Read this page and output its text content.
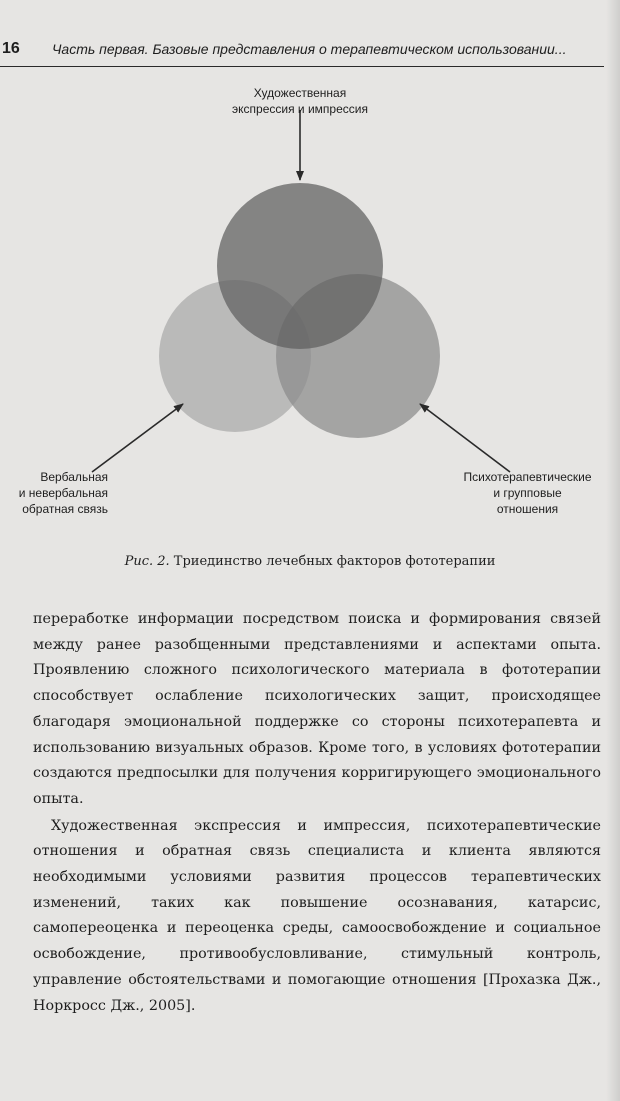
16 Часть первая. Базовые представления о терапевтическом использовании...
Художественная
экспрессия и импрессия
Вербальная
и невербальная
обратная связь
Психотерапевтические
и групповые
отношения
Рис. 2. Триединство лечебных факторов фототерапии

переработке информации посредством поиска и формирования связей между ранее разобщенными представлениями и аспектами опыта. Проявлению сложного психологического материала в фототерапии способствует ослабление психологических защит, происходящее благодаря эмоциональной поддержке со стороны психотерапевта и использованию визуальных образов. Кроме того, в условиях фототерапии создаются предпосылки для получения корригирующего эмоционального опыта.

Художественная экспрессия и импрессия, психотерапевтические отношения и обратная связь специалиста и клиента являются необходимыми условиями развития процессов терапевтических изменений, таких как повышение осознавания, катарсис, самопереоценка и переоценка среды, самоосвобождение и социальное освобождение, противообусловливание, стимульный контроль, управление обстоятельствами и помогающие отношения [Прохазка Дж., Норкросс Дж., 2005].
